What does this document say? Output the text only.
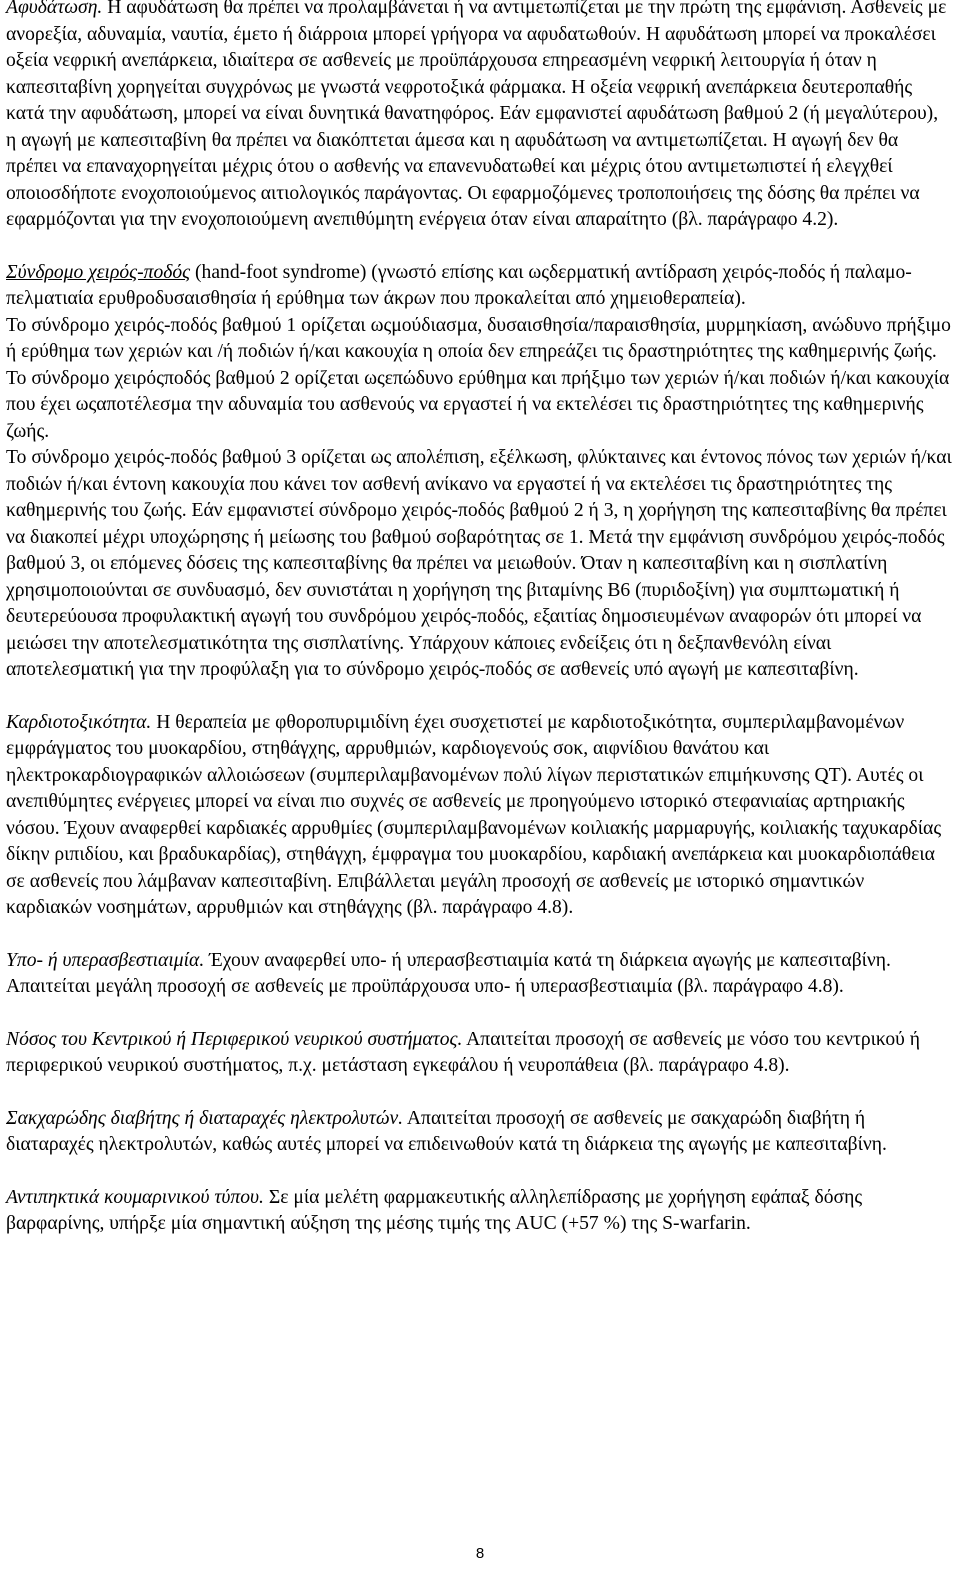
Αφυδάτωση. Η αφυδάτωση θα πρέπει να προλαμβάνεται ή να αντιμετωπίζεται με την πρώτη της εμφάνιση. Ασθενείς με ανορεξία, αδυναμία, ναυτία, έμετο ή διάρροια μπορεί γρήγορα να αφυδατωθούν. Η αφυδάτωση μπορεί να προκαλέσει οξεία νεφρική ανεπάρκεια, ιδιαίτερα σε ασθενείς με προϋπάρχουσα επηρεασμένη νεφρική λειτουργία ή όταν η καπεσιταβίνη χορηγείται συγχρόνως με γνωστά νεφροτοξικά φάρμακα. Η οξεία νεφρική ανεπάρκεια δευτεροπαθής κατά την αφυδάτωση, μπορεί να είναι δυνητικά θανατηφόρος. Εάν εμφανιστεί αφυδάτωση βαθμού 2 (ή μεγαλύτερου), η αγωγή με καπεσιταβίνη θα πρέπει να διακόπτεται άμεσα και η αφυδάτωση να αντιμετωπίζεται. Η αγωγή δεν θα πρέπει να επαναχορηγείται μέχρις ότου ο ασθενής να επανενυδατωθεί και μέχρις ότου αντιμετωπιστεί ή ελεγχθεί οποιοσδήποτε ενοχοποιούμενος αιτιολογικός παράγοντας. Οι εφαρμοζόμενες τροποποιήσεις της δόσης θα πρέπει να εφαρμόζονται για την ενοχοποιούμενη ανεπιθύμητη ενέργεια όταν είναι απαραίτητο (βλ. παράγραφο 4.2).

Σύνδρομο χειρός-ποδός (hand-foot syndrome) (γνωστό επίσης και ωςδερματική αντίδραση χειρός-ποδός ή παλαμο-πελματιαία ερυθροδυσαισθησία ή ερύθημα των άκρων που προκαλείται από χημειοθεραπεία).
Το σύνδρομο χειρός-ποδός βαθμού 1 ορίζεται ωςμούδιασμα, δυσαισθησία/παραισθησία, μυρμηκίαση, ανώδυνο πρήξιμο ή ερύθημα των χεριών και /ή ποδιών ή/και κακουχία η οποία δεν επηρεάζει τις δραστηριότητες της καθημερινής ζωής.
Το σύνδρομο χειρόςποδός βαθμού 2 ορίζεται ωςεπώδυνο ερύθημα και πρήξιμο των χεριών ή/και ποδιών ή/και κακουχία που έχει ωςαποτέλεσμα την αδυναμία του ασθενούς να εργαστεί ή να εκτελέσει τις δραστηριότητες της καθημερινής ζωής.
Το σύνδρομο χειρός-ποδός βαθμού 3 ορίζεται ως απολέπιση, εξέλκωση, φλύκταινες και έντονος πόνος των χεριών ή/και ποδιών ή/και έντονη κακουχία που κάνει τον ασθενή ανίκανο να εργαστεί ή να εκτελέσει τις δραστηριότητες της καθημερινής του ζωής. Εάν εμφανιστεί σύνδρομο χειρός-ποδός βαθμού 2 ή 3, η χορήγηση της καπεσιταβίνης θα πρέπει να διακοπεί μέχρι υποχώρησης ή μείωσης του βαθμού σοβαρότητας σε 1. Μετά την εμφάνιση συνδρόμου χειρός-ποδός βαθμού 3, οι επόμενες δόσεις της καπεσιταβίνης θα πρέπει να μειωθούν. Όταν η καπεσιταβίνη και η σισπλατίνη χρησιμοποιούνται σε συνδυασμό, δεν συνιστάται η χορήγηση της βιταμίνης Β6 (πυριδοξίνη) για συμπτωματική ή δευτερεύουσα προφυλακτική αγωγή του συνδρόμου χειρός-ποδός, εξαιτίας δημοσιευμένων αναφορών ότι μπορεί να μειώσει την αποτελεσματικότητα της σισπλατίνης. Υπάρχουν κάποιες ενδείξεις ότι η δεξπανθενόλη είναι αποτελεσματική για την προφύλαξη για το σύνδρομο χειρός-ποδός σε ασθενείς υπό αγωγή με καπεσιταβίνη.

Καρδιοτοξικότητα. Η θεραπεία με φθοροπυριμιδίνη έχει συσχετιστεί με καρδιοτοξικότητα, συμπεριλαμβανομένων εμφράγματος του μυοκαρδίου, στηθάγχης, αρρυθμιών, καρδιογενούς σοκ, αιφνίδιου θανάτου και ηλεκτροκαρδιογραφικών αλλοιώσεων (συμπεριλαμβανομένων πολύ λίγων περιστατικών επιμήκυνσης QT). Αυτές οι ανεπιθύμητες ενέργειες μπορεί να είναι πιο συχνές σε ασθενείς με προηγούμενο ιστορικό στεφανιαίας αρτηριακής νόσου. Έχουν αναφερθεί καρδιακές αρρυθμίες (συμπεριλαμβανομένων κοιλιακής μαρμαρυγής, κοιλιακής ταχυκαρδίας δίκην ριπιδίου, και βραδυκαρδίας), στηθάγχη, έμφραγμα του μυοκαρδίου, καρδιακή ανεπάρκεια και μυοκαρδιοπάθεια σε ασθενείς που λάμβαναν καπεσιταβίνη. Επιβάλλεται μεγάλη προσοχή σε ασθενείς με ιστορικό σημαντικών καρδιακών νοσημάτων, αρρυθμιών και στηθάγχης (βλ. παράγραφο 4.8).

Υπο- ή υπερασβεστιαιμία. Έχουν αναφερθεί υπο- ή υπερασβεστιαιμία κατά τη διάρκεια αγωγής με καπεσιταβίνη. Απαιτείται μεγάλη προσοχή σε ασθενείς με προϋπάρχουσα υπο- ή υπερασβεστιαιμία (βλ. παράγραφο 4.8).

Νόσος του Κεντρικού ή Περιφερικού νευρικού συστήματος. Απαιτείται προσοχή σε ασθενείς με νόσο του κεντρικού ή περιφερικού νευρικού συστήματος, π.χ. μετάσταση εγκεφάλου ή νευροπάθεια (βλ. παράγραφο 4.8).

Σακχαρώδης διαβήτης ή διαταραχές ηλεκτρολυτών. Απαιτείται προσοχή σε ασθενείς με σακχαρώδη διαβήτη ή διαταραχές ηλεκτρολυτών, καθώς αυτές μπορεί να επιδεινωθούν κατά τη διάρκεια της αγωγής με καπεσιταβίνη.

Αντιπηκτικά κουμαρινικού τύπου. Σε μία μελέτη φαρμακευτικής αλληλεπίδρασης με χορήγηση εφάπαξ δόσης βαρφαρίνης, υπήρξε μία σημαντική αύξηση της μέσης τιμής της AUC (+57 %) της S-warfarin.

8
